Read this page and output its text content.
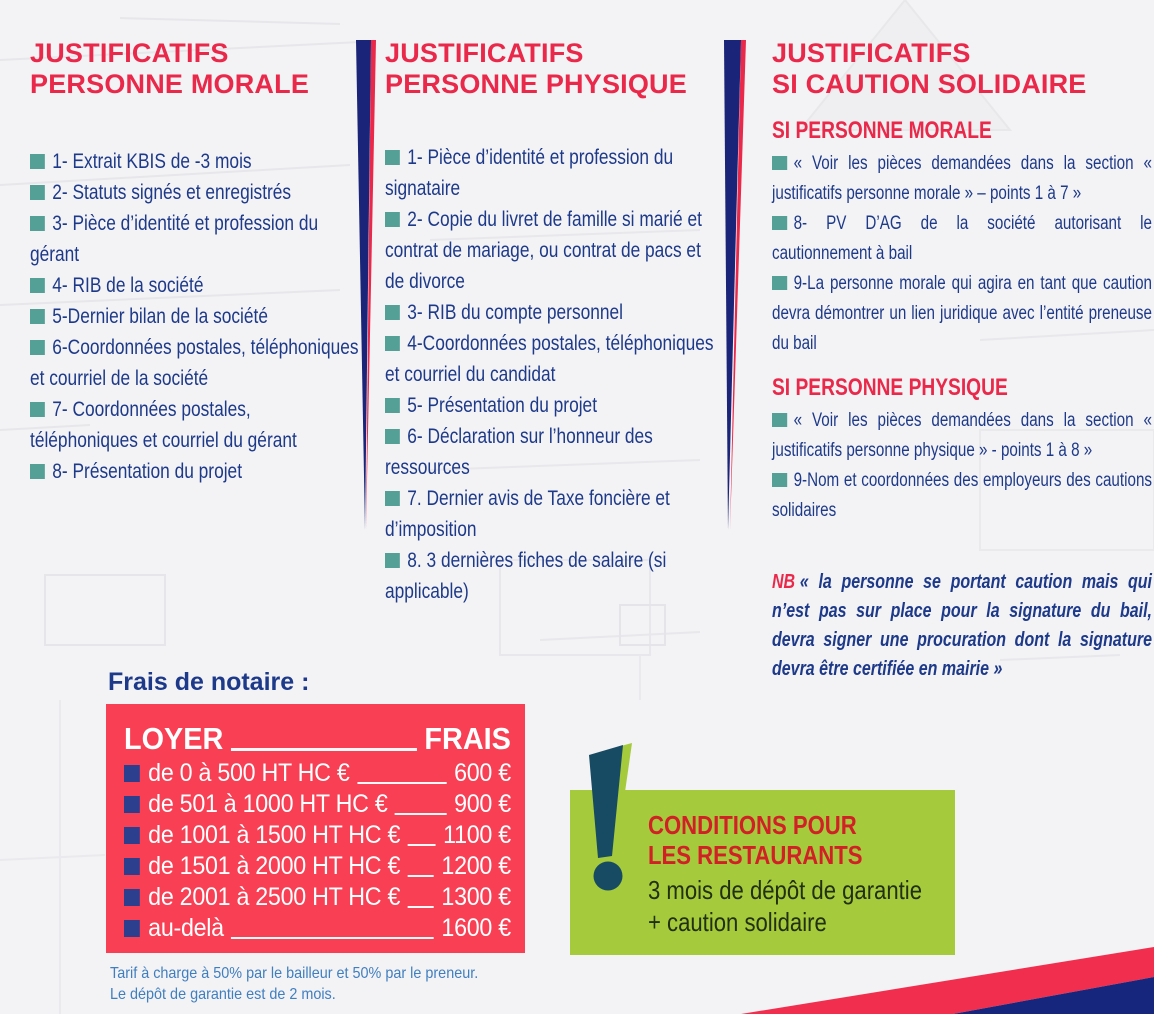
JUSTIFICATIFS
PERSONNE MORALE
1- Extrait KBIS de -3 mois
2- Statuts signés et enregistrés
3- Pièce d’identité et profession du gérant
4- RIB de la société
5-Dernier bilan de la société
6-Coordonnées postales, téléphoniques et courriel de la société
7- Coordonnées postales, téléphoniques et courriel du gérant
8- Présentation du projet
JUSTIFICATIFS
PERSONNE PHYSIQUE
1- Pièce d’identité et profession du signataire
2- Copie du livret de famille si marié et contrat de mariage, ou contrat de pacs et de divorce
3- RIB du compte personnel
4-Coordonnées postales, téléphoniques et courriel du candidat
5- Présentation du projet
6- Déclaration sur l’honneur des ressources
7. Dernier avis de Taxe foncière et d’imposition
8. 3 dernières fiches de salaire (si applicable)
JUSTIFICATIFS
SI CAUTION SOLIDAIRE
SI PERSONNE MORALE
« Voir les pièces demandées dans la section « justificatifs personne morale » – points 1 à 7 »
8- PV D’AG de la société autorisant le cautionnement à bail
9-La personne morale qui agira en tant que caution devra démontrer un lien juridique avec l’entité preneuse du bail
SI PERSONNE PHYSIQUE
« Voir les pièces demandées dans la section « justificatifs personne physique » - points 1 à 8 »
9-Nom et coordonnées des employeurs des cautions solidaires

NB « la personne se portant caution mais qui n’est pas sur place pour la signature du bail, devra signer une procuration dont la signature devra être certifiée en mairie »

Frais de notaire :
LOYER	FRAIS
de 0 à 500 HT HC €	600 €
de 501 à 1000 HT HC €	900 €
de 1001 à 1500 HT HC € 1100 €
de 1501 à 2000 HT HC € 1200 €
de 2001 à 2500 HT HC € 1300 €
au-delà	1600 €

Tarif à charge à 50% par le bailleur et 50% par le preneur.
Le dépôt de garantie est de 2 mois.

CONDITIONS POUR
LES RESTAURANTS

3 mois de dépôt de garantie
+ caution solidaire
